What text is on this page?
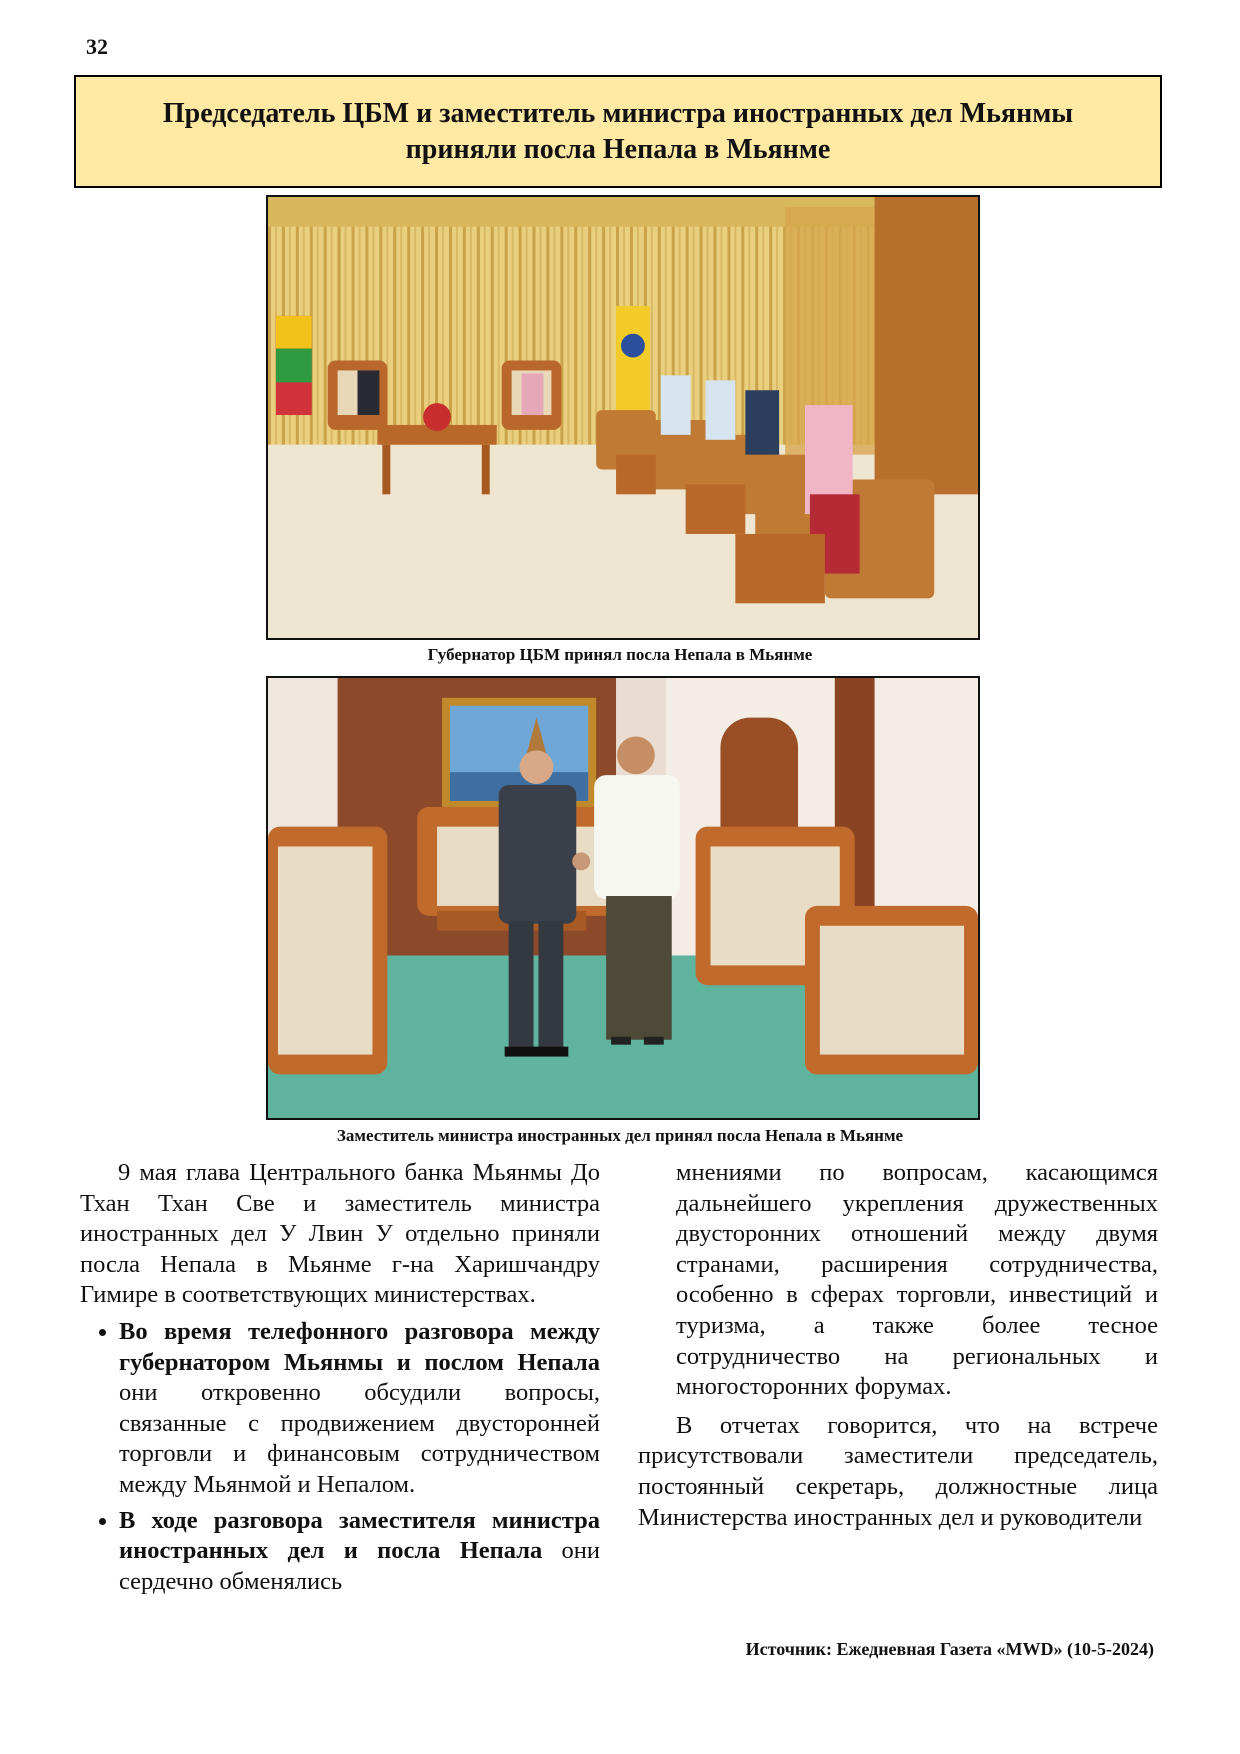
32
Председатель ЦБМ и заместитель министра иностранных дел Мьянмы
приняли посла Непала в Мьянме
Губернатор ЦБМ принял посла Непала в Мьянме
Заместитель министра иностранных дел принял посла Непала в Мьянме

9 мая глава Центрального банка Мьянмы До Тхан Тхан Све и заместитель министра иностранных дел У Лвин У отдельно приняли посла Непала в Мьянме г-на Харишчандру Гимире в соответствующих министерствах.

• Во время телефонного разговора между губернатором Мьянмы и послом Непала они откровенно обсудили вопросы, связанные с продвижением двусторонней торговли и финансовым сотрудничеством между Мьянмой и Непалом.
• В ходе разговора заместителя министра иностранных дел и посла Непала они сердечно обменялись

мнениями по вопросам, касающимся дальнейшего укрепления дружественных двусторонних отношений между двумя странами, расширения сотрудничества, особенно в сферах торговли, инвестиций и туризма, а также более тесное сотрудничество на региональных и многосторонних форумах.

В отчетах говорится, что на встрече присутствовали заместители председатель, постоянный секретарь, должностные лица Министерства иностранных дел и руководители

Источник: Ежедневная Газета «MWD» (10-5-2024)
